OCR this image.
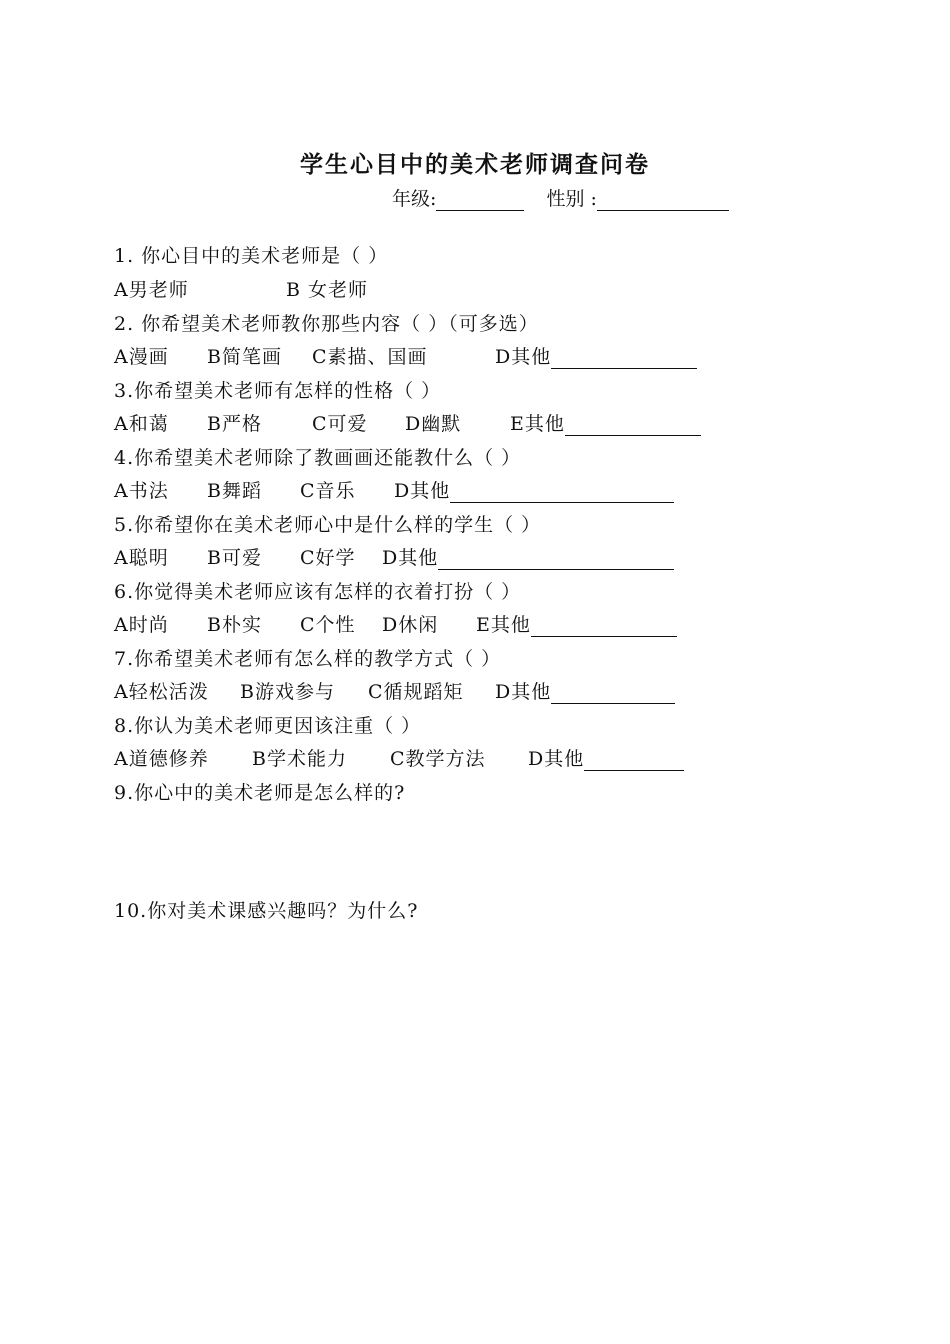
学生心目中的美术老师调查问卷
年级:	性别 :
1. 你心目中的美术老师是（ ）
A男老师	B 女老师
2. 你希望美术老师教你那些内容（ ）（可多选）
A漫画 B简笔画 C素描、国画	D其他
3.你希望美术老师有怎样的性格（ ）
A和蔼 B严格	C可爱 D幽默	E其他
4.你希望美术老师除了教画画还能教什么（ ）
A书法 B舞蹈 C音乐 D其他
5.你希望你在美术老师心中是什么样的学生（ ）
A聪明 B可爱 C好学 D其他
6.你觉得美术老师应该有怎样的衣着打扮（ ）
A时尚 B朴实 C个性 D休闲 E其他
7.你希望美术老师有怎么样的教学方式（ ）
A轻松活泼 B游戏参与 C循规蹈矩 D其他
8.你认为美术老师更因该注重（ ）
A道德修养 B学术能力 C教学方法 D其他
9.你心中的美术老师是怎么样的?
10.你对美术课感兴趣吗？为什么?
